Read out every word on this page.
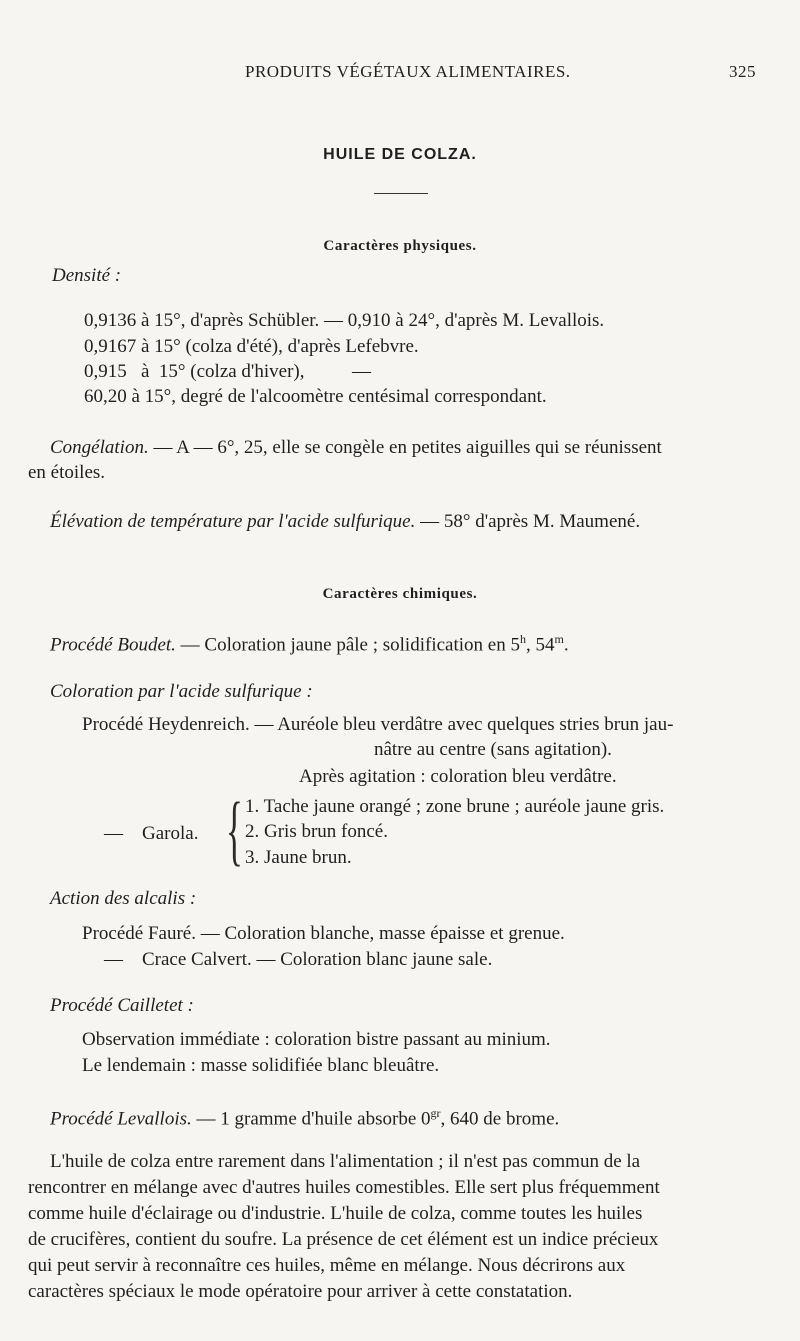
PRODUITS VÉGÉTAUX ALIMENTAIRES.	325
HUILE DE COLZA.
Caractères physiques.
Densité :
0,9136 à 15°, d'après Schübler. — 0,910 à 24°, d'après M. Levallois.
0,9167 à 15° (colza d'été), d'après Lefebvre.
0,915   à  15° (colza d'hiver),          —
60,20 à 15°, degré de l'alcoomètre centésimal correspondant.
Congélation. — A — 6°, 25, elle se congèle en petites aiguilles qui se réunissent
en étoiles.
Élévation de température par l'acide sulfurique. — 58° d'après M. Maumené.
Caractères chimiques.
Procédé Boudet. — Coloration jaune pâle ; solidification en 5$^h$, 54$^m$.
Coloration par l'acide sulfurique :
Procédé Heydenreich. — Auréole bleu verdâtre avec quelques stries brun jau-
nâtre au centre (sans agitation).
Après agitation : coloration bleu verdâtre.
—    Garola. { 1. Tache jaune orangé ; zone brune ; auréole jaune gris.
2. Gris brun foncé.
3. Jaune brun.
Action des alcalis :
Procédé Fauré. — Coloration blanche, masse épaisse et grenue.
—    Crace Calvert. — Coloration blanc jaune sale.
Procédé Cailletet :
Observation immédiate : coloration bistre passant au minium.
Le lendemain : masse solidifiée blanc bleuâtre.
Procédé Levallois. — 1 gramme d'huile absorbe $0^{gr}$, 640 de brome.
L'huile de colza entre rarement dans l'alimentation ; il n'est pas commun de la
rencontrer en mélange avec d'autres huiles comestibles. Elle sert plus fréquemment
comme huile d'éclairage ou d'industrie. L'huile de colza, comme toutes les huiles
de crucifères, contient du soufre. La présence de cet élément est un indice précieux
qui peut servir à reconnaître ces huiles, même en mélange. Nous décrirons aux
caractères spéciaux le mode opératoire pour arriver à cette constatation.
